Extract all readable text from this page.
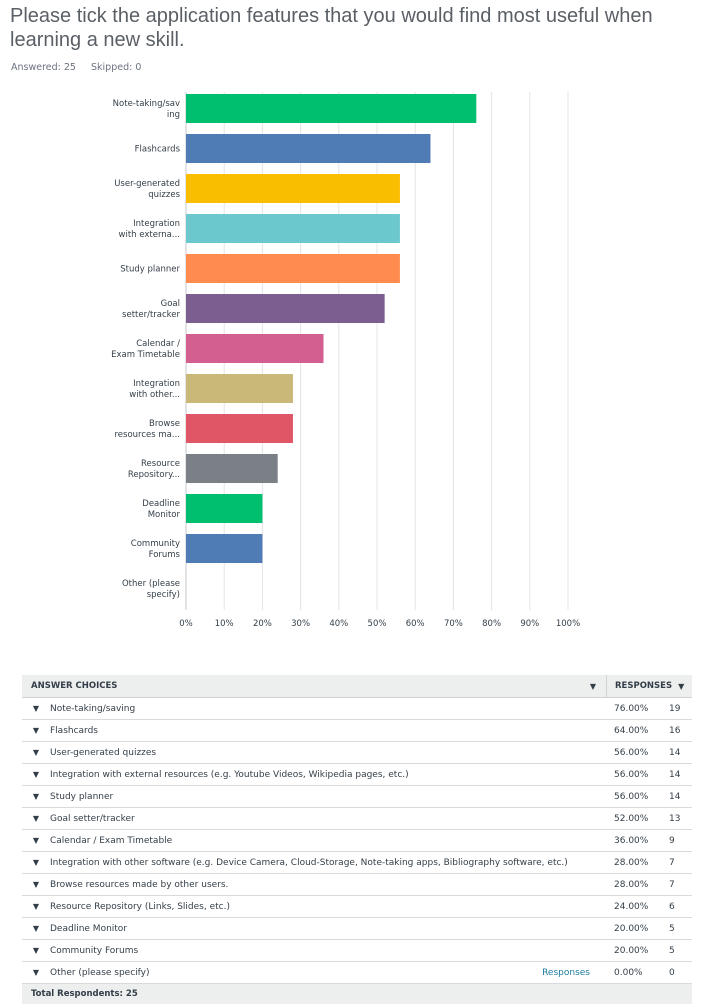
Please tick the application features that you would find most useful when learning a new skill.
Answered: 25 Skipped: 0
Note-taking/sav ing
Flashcards
User-generated quizzes
Integration with externa...
Study planner
Goal setter/tracker
Calendar / Exam Timetable
Integration with other...
Browse resources ma...
Resource Repository...
Deadline Monitor
Community Forums
Other (please specify)
0%	10% 20% 30% 40% 50% 60% 70% 80% 90% 100%
ANSWER CHOICES	▼ RESPONSES ▼
▼	Note-taking/saving	76.00%	19
▼	Flashcards	64.00%	16
▼	User-generated quizzes	56.00%	14
▼	Integration with external resources (e.g. Youtube Videos, Wikipedia pages, etc.)	56.00%	14
▼	Study planner	56.00%	14
▼	Goal setter/tracker	52.00%	13
▼	Calendar / Exam Timetable	36.00%	9
▼	Integration with other software (e.g. Device Camera, Cloud-Storage, Note-taking apps, Bibliography software, etc.)	28.00%	7
▼	Browse resources made by other users.	28.00%	7
▼	Resource Repository (Links, Slides, etc.)	24.00%	6
▼	Deadline Monitor	20.00%	5
▼	Community Forums	20.00%	5
▼	Other (please specify)	Responses	0.00%	0
Total Respondents: 25
